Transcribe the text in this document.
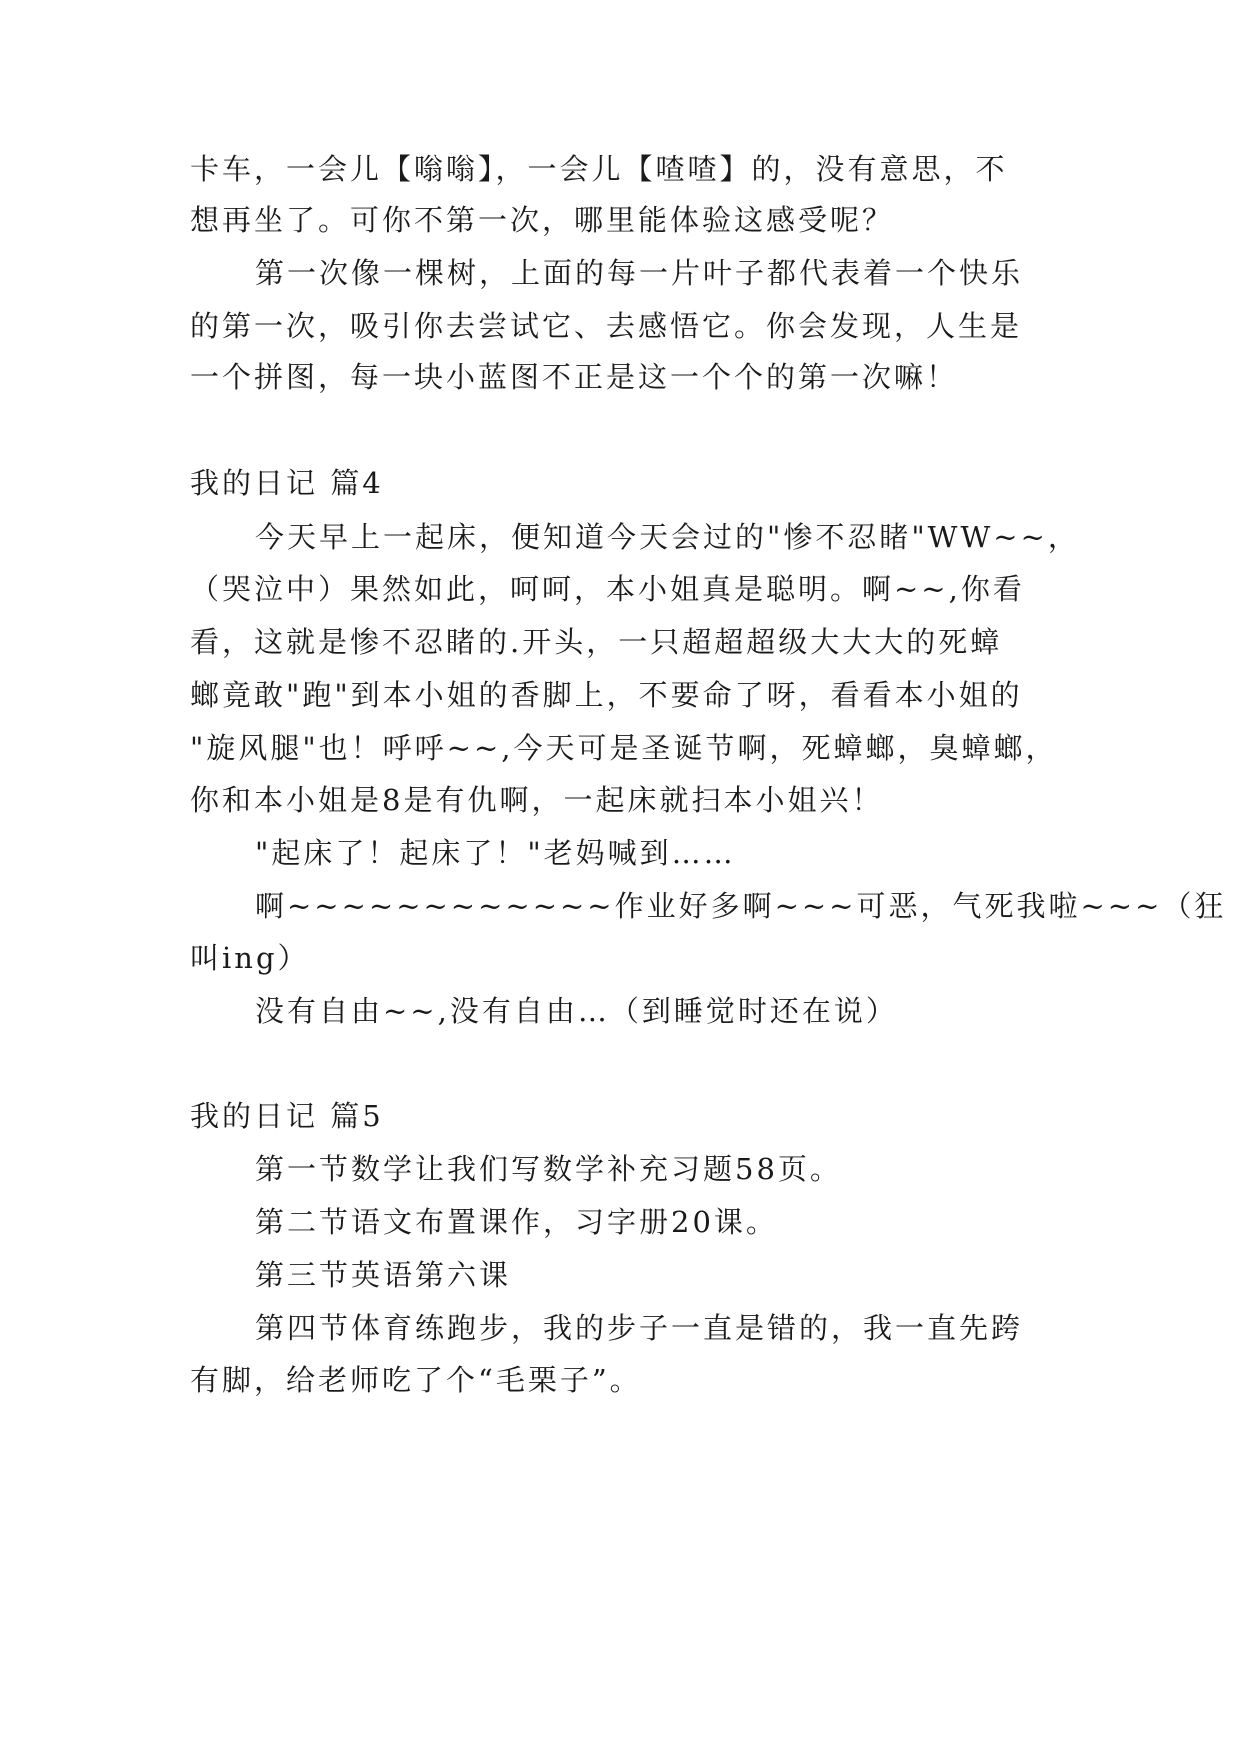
卡车，一会儿【嗡嗡】，一会儿【喳喳】的，没有意思，不
想再坐了。可你不第一次，哪里能体验这感受呢？
第一次像一棵树，上面的每一片叶子都代表着一个快乐
的第一次，吸引你去尝试它、去感悟它。你会发现，人生是
一个拼图，每一块小蓝图不正是这一个个的第一次嘛！
我的日记 篇4
今天早上一起床，便知道今天会过的"惨不忍睹"WW~~，
（哭泣中）果然如此，呵呵，本小姐真是聪明。啊~~,你看
看，这就是惨不忍睹的.开头，一只超超超级大大大的死蟑
螂竟敢"跑"到本小姐的香脚上，不要命了呀，看看本小姐的
"旋风腿"也！呼呼~~,今天可是圣诞节啊，死蟑螂，臭蟑螂，
你和本小姐是8是有仇啊，一起床就扫本小姐兴！
"起床了！起床了！"老妈喊到……
啊~~~~~~~~~~~~作业好多啊~~~可恶，气死我啦~~~（狂
叫ing）
没有自由~~,没有自由…（到睡觉时还在说）
我的日记 篇5
第一节数学让我们写数学补充习题58页。
第二节语文布置课作，习字册20课。
第三节英语第六课
第四节体育练跑步，我的步子一直是错的，我一直先跨
有脚，给老师吃了个“毛栗子”。
